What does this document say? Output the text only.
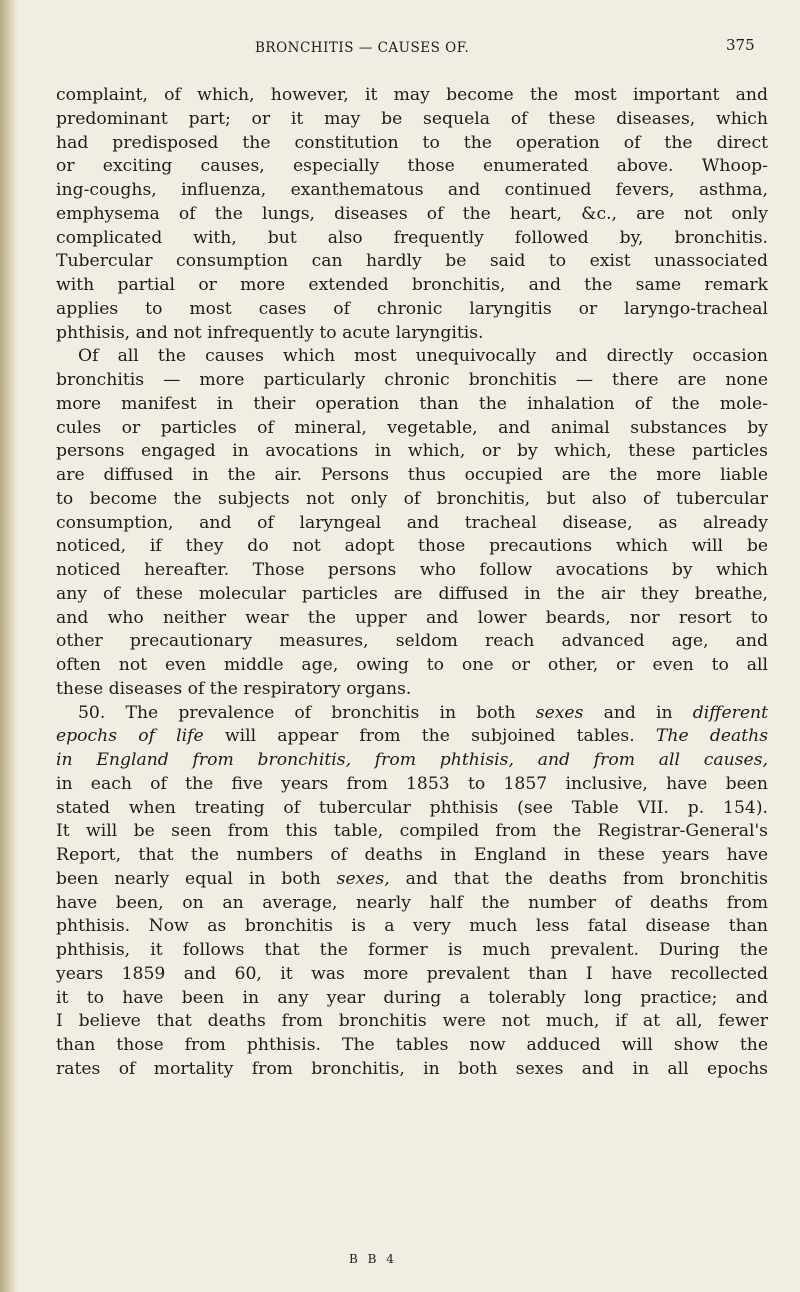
BRONCHITIS — CAUSES OF.	375
complaint, of which, however, it may become the most important and
predominant part; or it may be sequela of these diseases, which
had predisposed the constitution to the operation of the direct
or exciting causes, especially those enumerated above. Whoop-
ing-coughs, influenza, exanthematous and continued fevers, asthma,
emphysema of the lungs, diseases of the heart, &c., are not only
complicated with, but also frequently followed by, bronchitis.
Tubercular consumption can hardly be said to exist unassociated
with partial or more extended bronchitis, and the same remark
applies to most cases of chronic laryngitis or laryngo-tracheal
phthisis, and not infrequently to acute laryngitis.
Of all the causes which most unequivocally and directly occasion
bronchitis — more particularly chronic bronchitis — there are none
more manifest in their operation than the inhalation of the mole-
cules or particles of mineral, vegetable, and animal substances by
persons engaged in avocations in which, or by which, these particles
are diffused in the air. Persons thus occupied are the more liable
to become the subjects not only of bronchitis, but also of tubercular
consumption, and of laryngeal and tracheal disease, as already
noticed, if they do not adopt those precautions which will be
noticed hereafter. Those persons who follow avocations by which
any of these molecular particles are diffused in the air they breathe,
and who neither wear the upper and lower beards, nor resort to
other precautionary measures, seldom reach advanced age, and
often not even middle age, owing to one or other, or even to all
these diseases of the respiratory organs.
50. The prevalence of bronchitis in both sexes and in different
epochs of life will appear from the subjoined tables. The deaths
in England from bronchitis, from phthisis, and from all causes,
in each of the five years from 1853 to 1857 inclusive, have been
stated when treating of tubercular phthisis (see Table VII. p. 154).
It will be seen from this table, compiled from the Registrar-General's
Report, that the numbers of deaths in England in these years have
been nearly equal in both sexes, and that the deaths from bronchitis
have been, on an average, nearly half the number of deaths from
phthisis. Now as bronchitis is a very much less fatal disease than
phthisis, it follows that the former is much prevalent. During the
years 1859 and 60, it was more prevalent than I have recollected
it to have been in any year during a tolerably long practice; and
I believe that deaths from bronchitis were not much, if at all, fewer
than those from phthisis. The tables now adduced will show the
rates of mortality from bronchitis, in both sexes and in all epochs
B B 4
